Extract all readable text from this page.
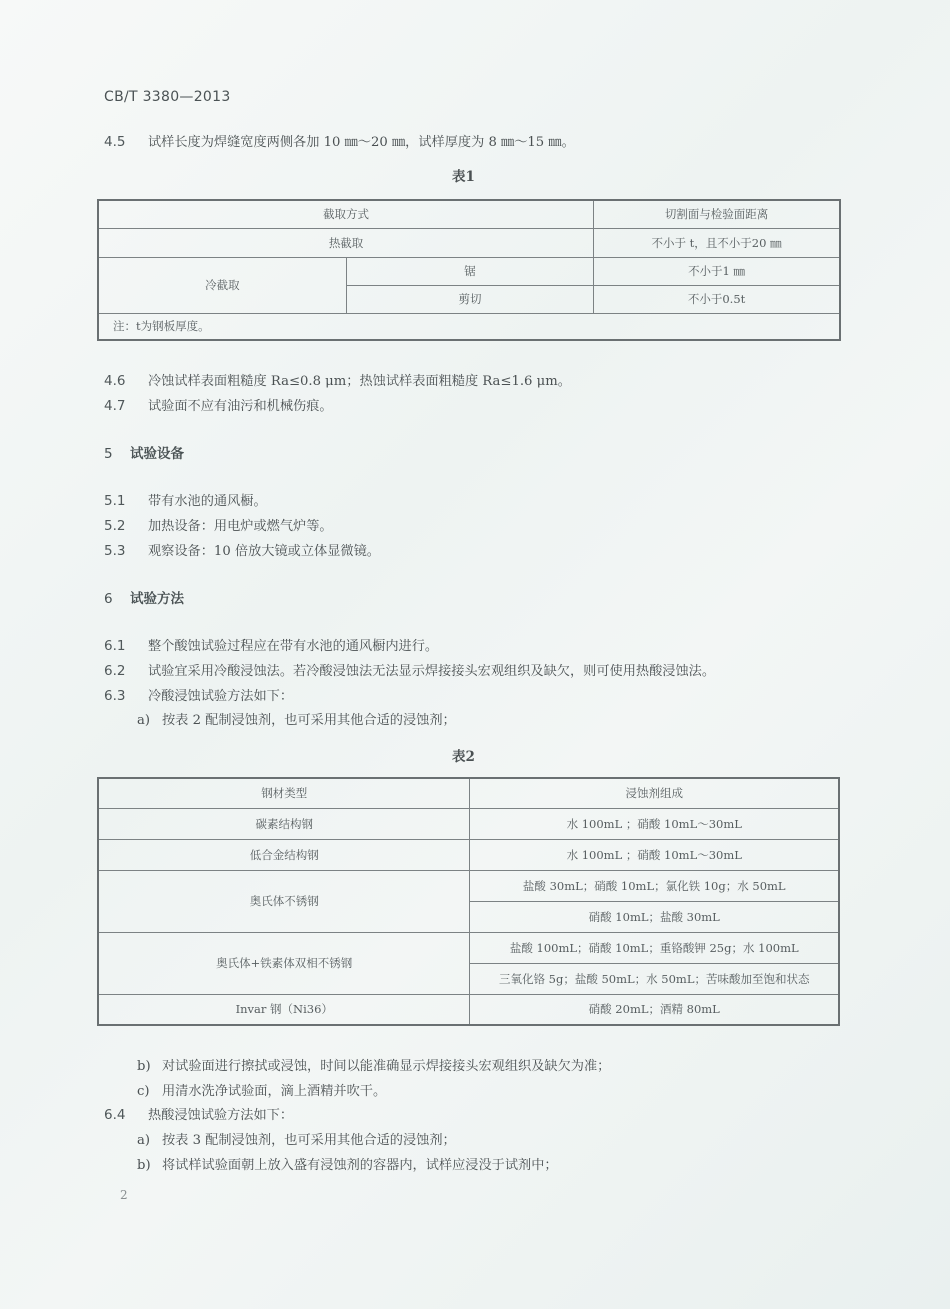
CB/T 3380—2013
4.5 试样长度为焊缝宽度两侧各加 10 ㎜～20 ㎜，试样厚度为 8 ㎜～15 ㎜。
表1
截取方式		切割面与检验面距离
热截取		不小于 t，且不小于20 ㎜
冷截取	锯	不小于1 ㎜
	剪切	不小于0.5t
注：t为钢板厚度。		
4.6 冷蚀试样表面粗糙度 Ra≤0.8 μm；热蚀试样表面粗糙度 Ra≤1.6 μm。
4.7 试验面不应有油污和机械伤痕。
5 试验设备
5.1 带有水池的通风橱。
5.2 加热设备：用电炉或燃气炉等。
5.3 观察设备：10 倍放大镜或立体显微镜。
6 试验方法
6.1 整个酸蚀试验过程应在带有水池的通风橱内进行。
6.2 试验宜采用冷酸浸蚀法。若冷酸浸蚀法无法显示焊接接头宏观组织及缺欠，则可使用热酸浸蚀法。
6.3 冷酸浸蚀试验方法如下：
a) 按表 2 配制浸蚀剂，也可采用其他合适的浸蚀剂；
表2
钢材类型	浸蚀剂组成
碳素结构钢	水 100mL ；硝酸 10mL～30mL
低合金结构钢	水 100mL ；硝酸 10mL～30mL
奥氏体不锈钢	盐酸 30mL；硝酸 10mL；氯化铁 10g；水 50mL
	硝酸 10mL；盐酸 30mL
奥氏体+铁素体双相不锈钢	盐酸 100mL；硝酸 10mL；重铬酸钾 25g；水 100mL
	三氧化铬 5g；盐酸 50mL；水 50mL；苦味酸加至饱和状态
Invar 钢（Ni36）	硝酸 20mL；酒精 80mL
b) 对试验面进行擦拭或浸蚀，时间以能准确显示焊接接头宏观组织及缺欠为准；
c) 用清水洗净试验面，滴上酒精并吹干。
6.4 热酸浸蚀试验方法如下：
a) 按表 3 配制浸蚀剂，也可采用其他合适的浸蚀剂；
b) 将试样试验面朝上放入盛有浸蚀剂的容器内，试样应浸没于试剂中；
2
